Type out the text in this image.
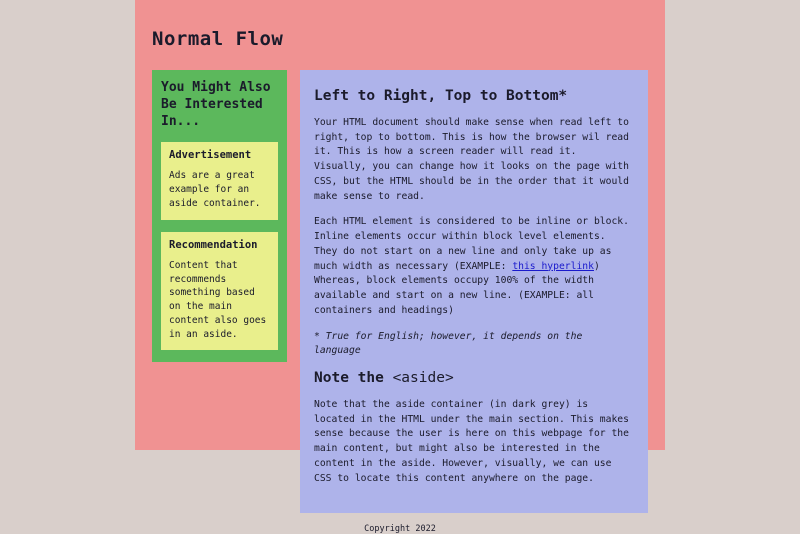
Normal Flow
You Might Also Be Interested In...
Advertisement

Ads are a great example for an aside container.

Recommendation

Content that recommends something based on the main content also goes in an aside.

Left to Right, Top to Bottom*

Your HTML document should make sense when read left to right, top to bottom. This is how the browser wil read it. This is how a screen reader will read it. Visually, you can change how it looks on the page with CSS, but the HTML should be in the order that it would make sense to read.

Each HTML element is considered to be inline or block. Inline elements occur within block level elements. They do not start on a new line and only take up as much width as necessary (EXAMPLE: this hyperlink) Whereas, block elements occupy 100% of the width available and start on a new line. (EXAMPLE: all containers and headings)

* True for English; however, it depends on the language

Note the <aside>

Note that the aside container (in dark grey) is located in the HTML under the main section. This makes sense because the user is here on this webpage for the main content, but might also be interested in the content in the aside. However, visually, we can use CSS to locate this content anywhere on the page.

Copyright 2022
